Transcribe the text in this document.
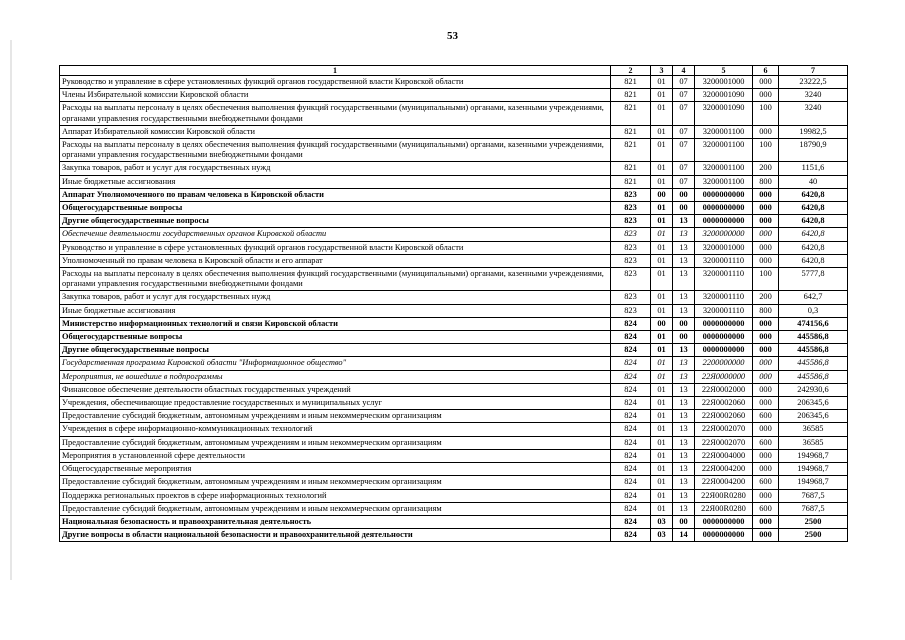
53
1	2	3	4	5	6	7
Руководство и управление в сфере установленных функций органов государственной власти Кировской области	821	01	07	3200001000	000	23222,5
Члены Избирательной комиссии Кировской области	821	01	07	3200001090	000	3240
Расходы на выплаты персоналу в целях обеспечения выполнения функций государственными (муниципальными) органами, казенными учреждениями, органами управления государственными внебюджетными фондами	821	01	07	3200001090	100	3240
Аппарат Избирательной комиссии Кировской области	821	01	07	3200001100	000	19982,5
Расходы на выплаты персоналу в целях обеспечения выполнения функций государственными (муниципальными) органами, казенными учреждениями, органами управления государственными внебюджетными фондами	821	01	07	3200001100	100	18790,9
Закупка товаров, работ и услуг для государственных нужд	821	01	07	3200001100	200	1151,6
Иные бюджетные ассигнования	821	01	07	3200001100	800	40
Аппарат Уполномоченного по правам человека в Кировской области	823	00	00	0000000000	000	6420,8
Общегосударственные вопросы	823	01	00	0000000000	000	6420,8
Другие общегосударственные вопросы	823	01	13	0000000000	000	6420,8
Обеспечение деятельности государственных органов Кировской области	823	01	13	3200000000	000	6420,8
Руководство и управление в сфере установленных функций органов государственной власти Кировской области	823	01	13	3200001000	000	6420,8
Уполномоченный по правам человека в Кировской области и его аппарат	823	01	13	3200001110	000	6420,8
Расходы на выплаты персоналу в целях обеспечения выполнения функций государственными (муниципальными) органами, казенными учреждениями, органами управления государственными внебюджетными фондами	823	01	13	3200001110	100	5777,8
Закупка товаров, работ и услуг для государственных нужд	823	01	13	3200001110	200	642,7
Иные бюджетные ассигнования	823	01	13	3200001110	800	0,3
Министерство информационных технологий и связи Кировской области	824	00	00	0000000000	000	474156,6
Общегосударственные вопросы	824	01	00	0000000000	000	445586,8
Другие общегосударственные вопросы	824	01	13	0000000000	000	445586,8
Государственная программа Кировской области "Информационное общество"	824	01	13	2200000000	000	445586,8
Мероприятия, не вошедшие в подпрограммы	824	01	13	22Я0000000	000	445586,8
Финансовое обеспечение деятельности областных государственных учреждений	824	01	13	22Я0002000	000	242930,6
Учреждения, обеспечивающие предоставление государственных и муниципальных услуг	824	01	13	22Я0002060	000	206345,6
Предоставление субсидий бюджетным, автономным учреждениям и иным некоммерческим организациям	824	01	13	22Я0002060	600	206345,6
Учреждения в сфере информационно-коммуникационных технологий	824	01	13	22Я0002070	000	36585
Предоставление субсидий бюджетным, автономным учреждениям и иным некоммерческим организациям	824	01	13	22Я0002070	600	36585
Мероприятия в установленной сфере деятельности	824	01	13	22Я0004000	000	194968,7
Общегосударственные мероприятия	824	01	13	22Я0004200	000	194968,7
Предоставление субсидий бюджетным, автономным учреждениям и иным некоммерческим организациям	824	01	13	22Я0004200	600	194968,7
Поддержка региональных проектов в сфере информационных технологий	824	01	13	22Я00R0280	000	7687,5
Предоставление субсидий бюджетным, автономным учреждениям и иным некоммерческим организациям	824	01	13	22Я00R0280	600	7687,5
Национальная безопасность и правоохранительная деятельность	824	03	00	0000000000	000	2500
Другие вопросы в области национальной безопасности и правоохранительной деятельности	824	03	14	0000000000	000	2500
